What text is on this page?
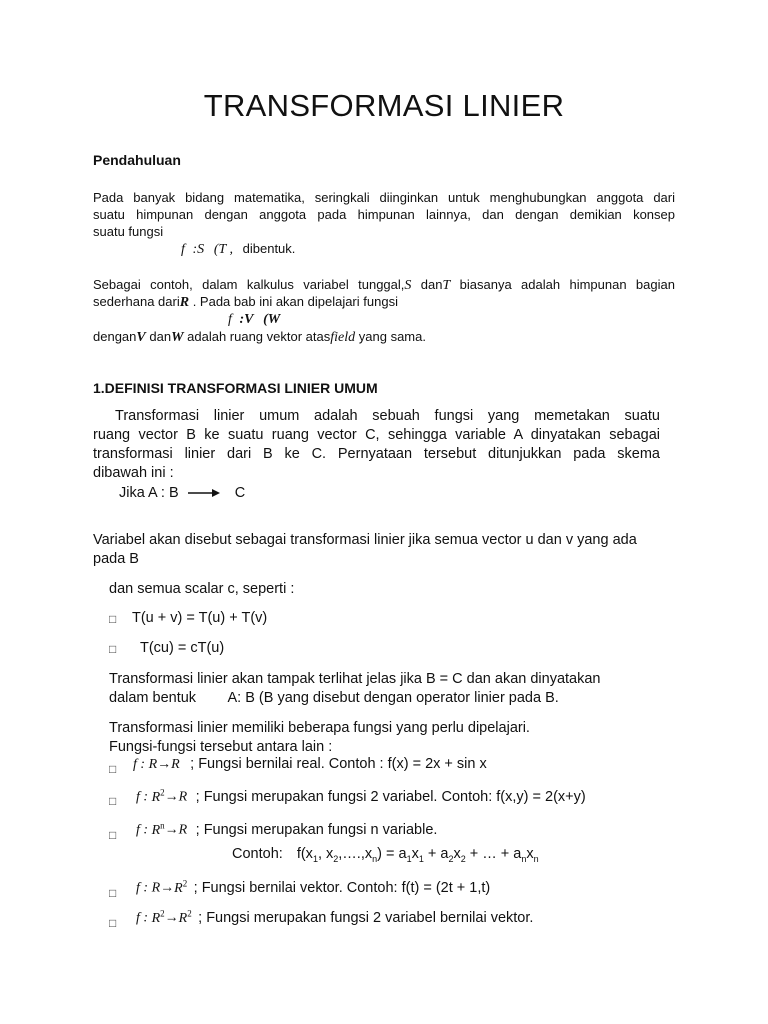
TRANSFORMASI LINIER
Pendahuluan
Pada banyak bidang matematika, seringkali diinginkan untuk menghubungkan anggota dari
suatu himpunan dengan anggota pada himpunan lainnya, dan dengan demikian konsep
suatu fungsi
f :S (T , dibentuk.
Sebagai contoh, dalam kalkulus variabel tunggal,S danT biasanya adalah himpunan bagian
sederhana dariR . Pada bab ini akan dipelajari fungsi
f :V (W
denganV danW adalah ruang vektor atasfield yang sama.
1.DEFINISI TRANSFORMASI LINIER UMUM
Transformasi linier umum adalah sebuah fungsi yang memetakan suatu
ruang vector B ke suatu ruang vector C, sehingga variable A dinyatakan sebagai
transformasi linier dari B ke C. Pernyataan tersebut ditunjukkan pada skema
dibawah ini :
Jika A : B	C
Variabel akan disebut sebagai transformasi linier jika semua vector u dan v yang ada
pada B
dan semua scalar c, seperti :
□ T(u + v) = T(u) + T(v)
□ T(cu) = cT(u)
Transformasi linier akan tampak terlihat jelas jika B = C dan akan dinyatakan
dalam bentuk        A: B (B yang disebut dengan operator linier pada B.
Transformasi linier memiliki beberapa fungsi yang perlu dipelajari.
Fungsi-fungsi tersebut antara lain :
□ f : R→R ; Fungsi bernilai real. Contoh : f(x) = 2x + sin x
□ f : $R^2\to R$ ; Fungsi merupakan fungsi 2 variabel. Contoh: f(x,y) = 2(x+y)
□ f : $R^n\to R$ ; Fungsi merupakan fungsi n variable.
Contoh: $f(x_1$, $x_2,\dots.,x_n) = a_1x_1 + a_2x_2$ + … + $a_nx_n$
□ f : $R\to R^2$ ; Fungsi bernilai vektor. Contoh: f(t) = (2t + 1,t)
□ f : $R^2\to R^2$ ; Fungsi merupakan fungsi 2 variabel bernilai vektor.
